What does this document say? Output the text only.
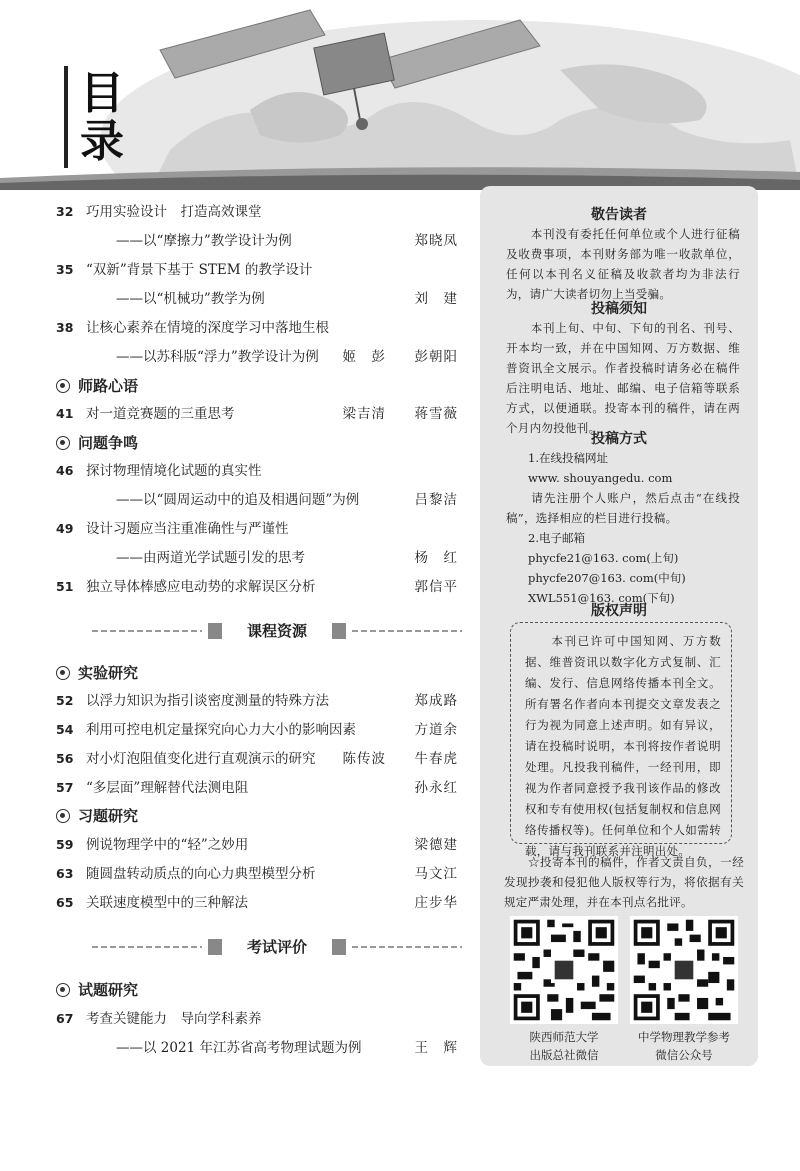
目
录
32 巧用实验设计　打造高效课堂
——以“摩擦力”教学设计为例	郑晓凤
35 “双新”背景下基于 STEM 的教学设计
——以“机械功”教学为例	刘　建
38 让核心素养在情境的深度学习中落地生根
——以苏科版“浮力”教学设计为例 姬　彭 彭朝阳
师路心语
41 对一道竞赛题的三重思考	梁吉清 蒋雪薇
问题争鸣
46 探讨物理情境化试题的真实性
——以“圆周运动中的追及相遇问题”为例	吕黎洁
49 设计习题应当注重准确性与严谨性
——由两道光学试题引发的思考	杨　红
51 独立导体棒感应电动势的求解误区分析	郭信平
课程资源
实验研究
52 以浮力知识为指引谈密度测量的特殊方法	郑成路
54 利用可控电机定量探究向心力大小的影响因素	方道余
56 对小灯泡阻值变化进行直观演示的研究 陈传波 牛春虎
57 “多层面”理解替代法测电阻	孙永红
习题研究
59 例说物理学中的“轻”之妙用	梁德建
63 随圆盘转动质点的向心力典型模型分析	马文江
65 关联速度模型中的三种解法	庄步华
考试评价
试题研究
67 考查关键能力　导向学科素养
——以 2021 年江苏省高考物理试题为例	王　辉
敬告读者
　　本刊没有委托任何单位或个人进行征稿及收费事项，本刊财务部为唯一收款单位，任何以本刊名义征稿及收款者均为非法行为，请广大读者切勿上当受骗。
投稿须知
　　本刊上旬、中旬、下旬的刊名、刊号、开本均一致，并在中国知网、万方数据、维普资讯全文展示。作者投稿时请务必在稿件后注明电话、地址、邮编、电子信箱等联系方式，以便通联。投寄本刊的稿件，请在两个月内勿投他刊。
投稿方式
1.在线投稿网址
www. shouyangedu. com
　　请先注册个人账户，然后点击“在线投稿”，选择相应的栏目进行投稿。
2.电子邮箱
phycfe21@163. com(上旬)
phycfe207@163. com(中旬)
XWL551@163. com(下旬)
版权声明
　　本刊已许可中国知网、万方数据、维普资讯以数字化方式复制、汇编、发行、信息网络传播本刊全文。所有署名作者向本刊提交文章发表之行为视为同意上述声明。如有异议，请在投稿时说明，本刊将按作者说明处理。凡投我刊稿件，一经刊用，即视为作者同意授予我刊该作品的修改权和专有使用权(包括复制权和信息网络传播权等)。任何单位和个人如需转载，请与我刊联系并注明出处。
　　☆投寄本刊的稿件，作者文责自负，一经发现抄袭和侵犯他人版权等行为，将依据有关规定严肃处理，并在本刊点名批评。
陕西师范大学
出版总社微信
中学物理教学参考
微信公众号
